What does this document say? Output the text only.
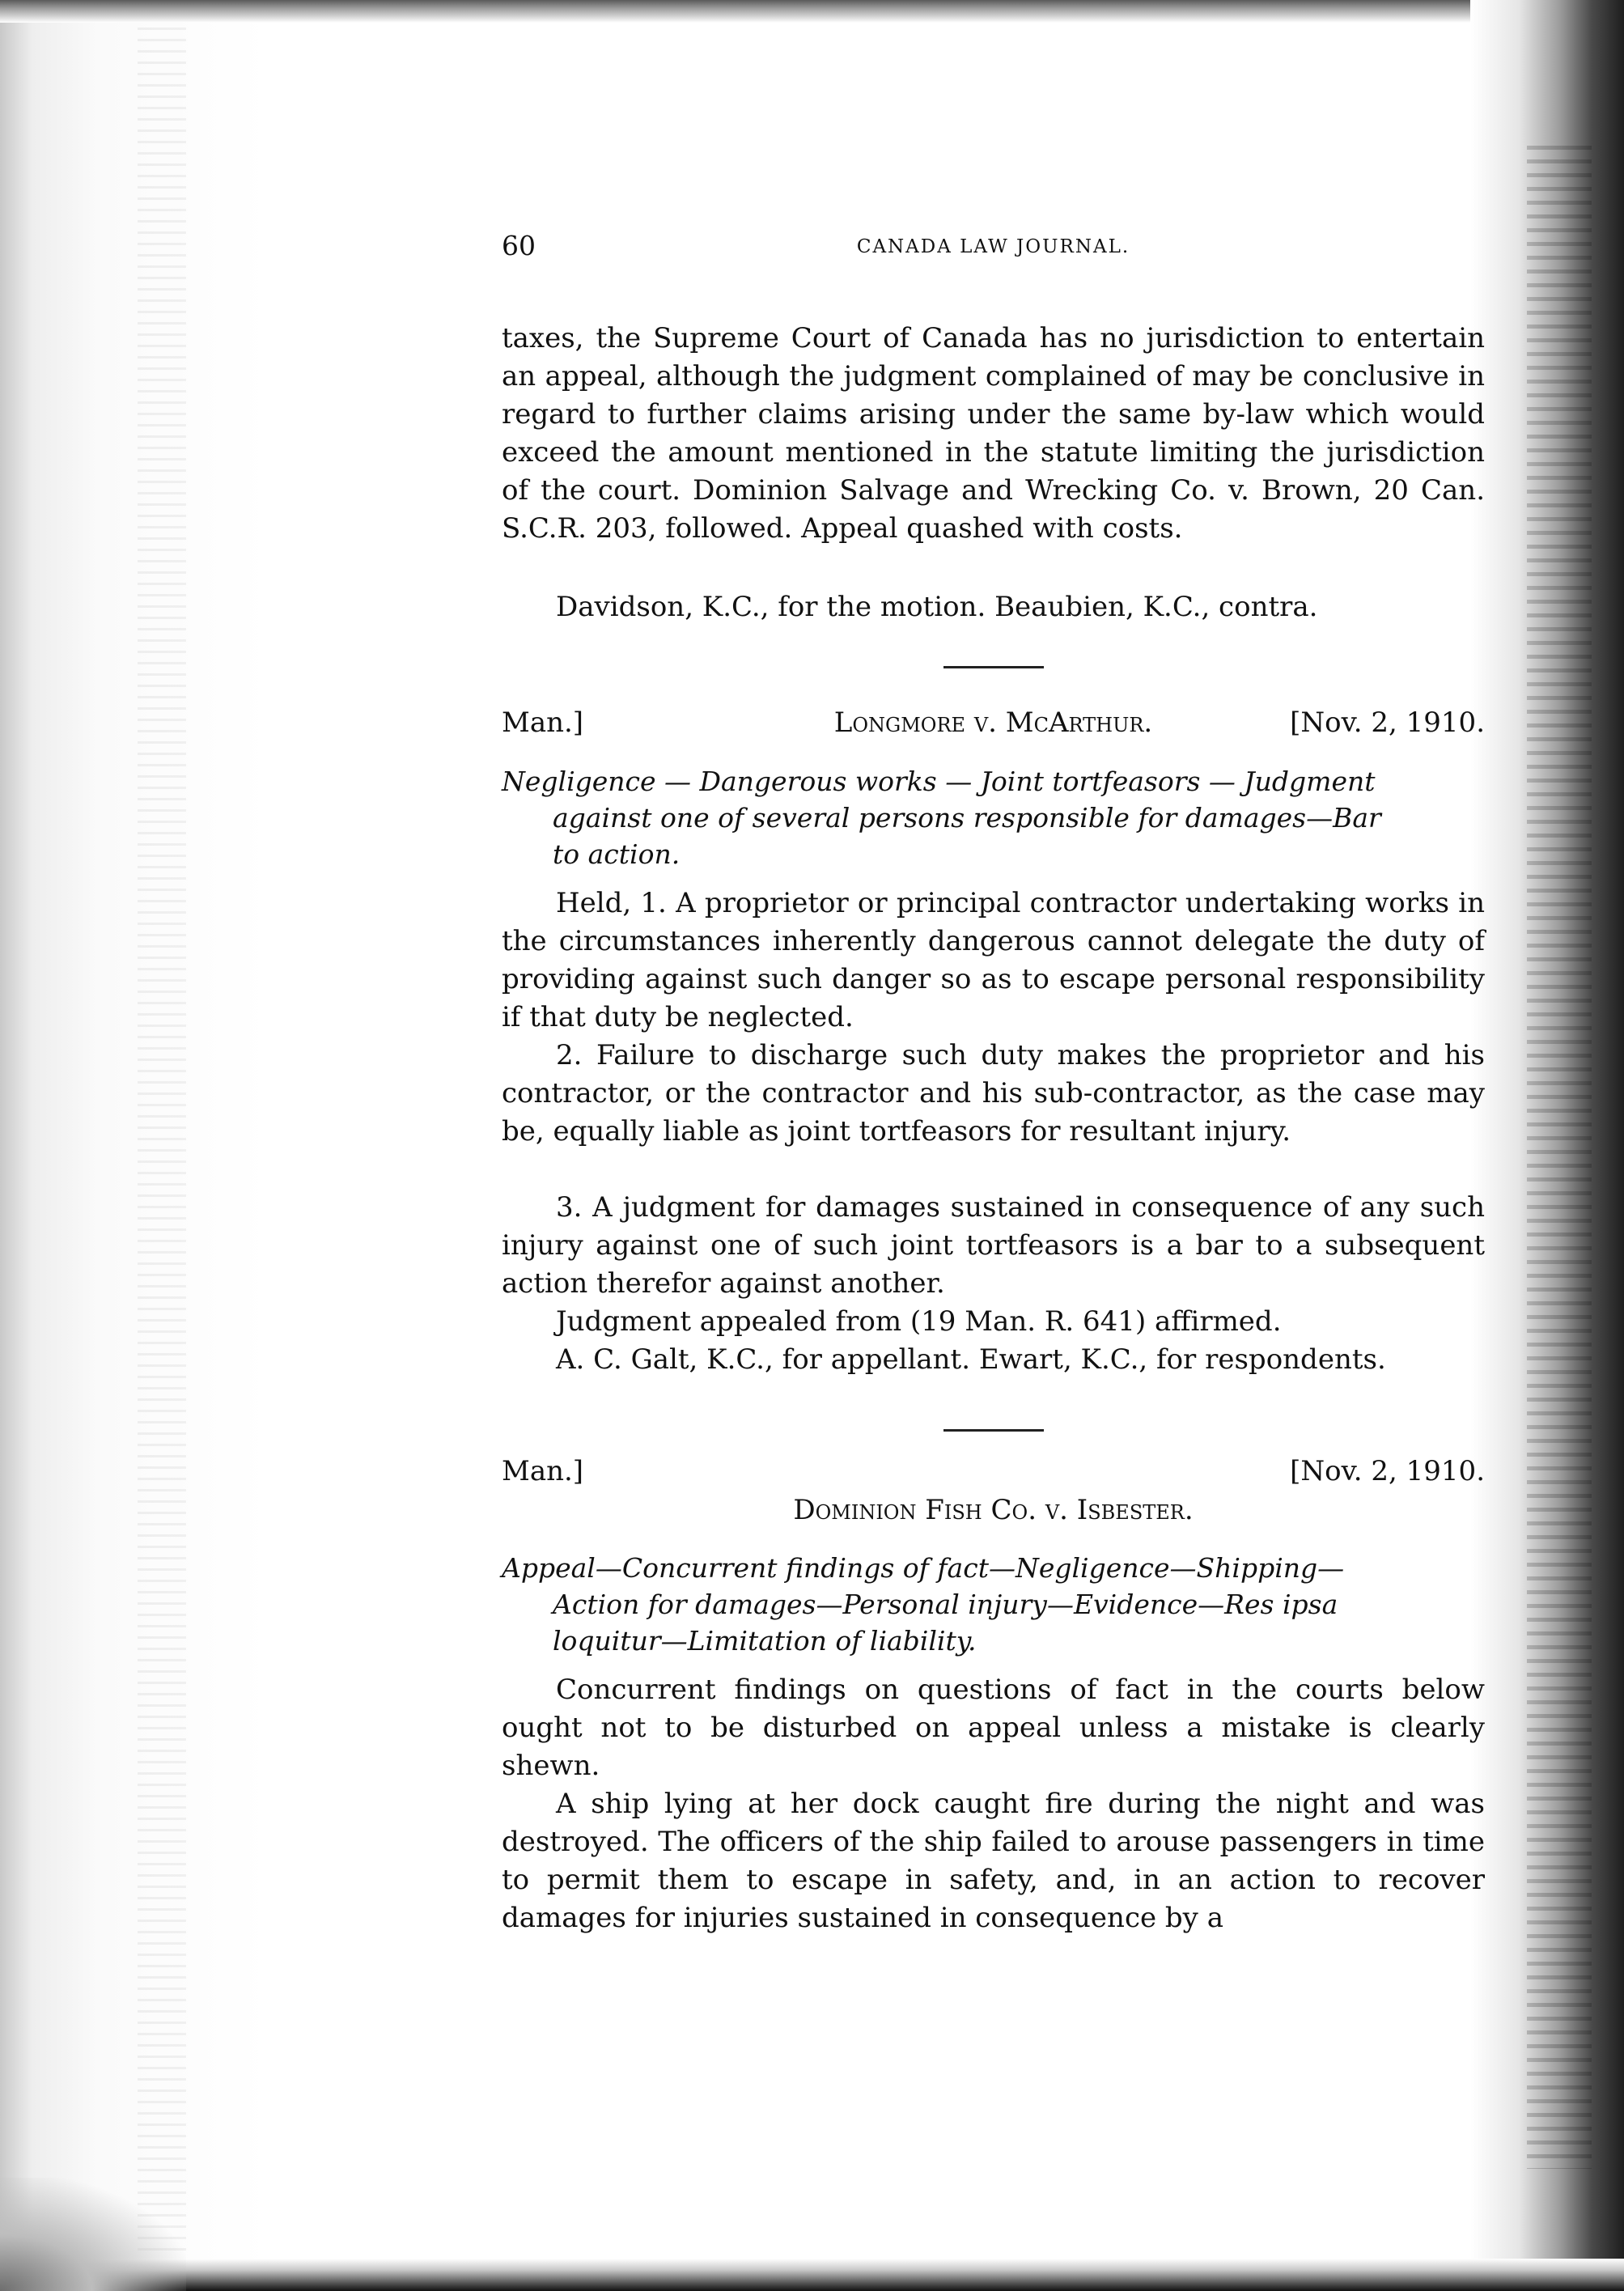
60	CANADA LAW JOURNAL.

taxes, the Supreme Court of Canada has no jurisdiction to entertain an appeal, although the judgment complained of may be conclusive in regard to further claims arising under the same by-law which would exceed the amount mentioned in the statute limiting the jurisdiction of the court. Dominion Salvage and Wrecking Co. v. Brown, 20 Can. S.C.R. 203, followed. Appeal quashed with costs.

Davidson, K.C., for the motion. Beaubien, K.C., contra.

Man.]	Longmore v. McArthur.	[Nov. 2, 1910.
Negligence — Dangerous works — Joint tortfeasors — Judgment
against one of several persons responsible for damages—Bar
to action.

Held, 1. A proprietor or principal contractor undertaking works in the circumstances inherently dangerous cannot delegate the duty of providing against such danger so as to escape personal responsibility if that duty be neglected.

2. Failure to discharge such duty makes the proprietor and his contractor, or the contractor and his sub-contractor, as the case may be, equally liable as joint tortfeasors for resultant injury.

3. A judgment for damages sustained in consequence of any such injury against one of such joint tortfeasors is a bar to a subsequent action therefor against another.

Judgment appealed from (19 Man. R. 641) affirmed.

A. C. Galt, K.C., for appellant. Ewart, K.C., for respondents.

Man.]	[Nov. 2, 1910.
Dominion Fish Co. v. Isbester.
Appeal—Concurrent findings of fact—Negligence—Shipping—
Action for damages—Personal injury—Evidence—Res ipsa
loquitur—Limitation of liability.

Concurrent findings on questions of fact in the courts below ought not to be disturbed on appeal unless a mistake is clearly shewn.

A ship lying at her dock caught fire during the night and was destroyed. The officers of the ship failed to arouse passengers in time to permit them to escape in safety, and, in an action to recover damages for injuries sustained in consequence by a
